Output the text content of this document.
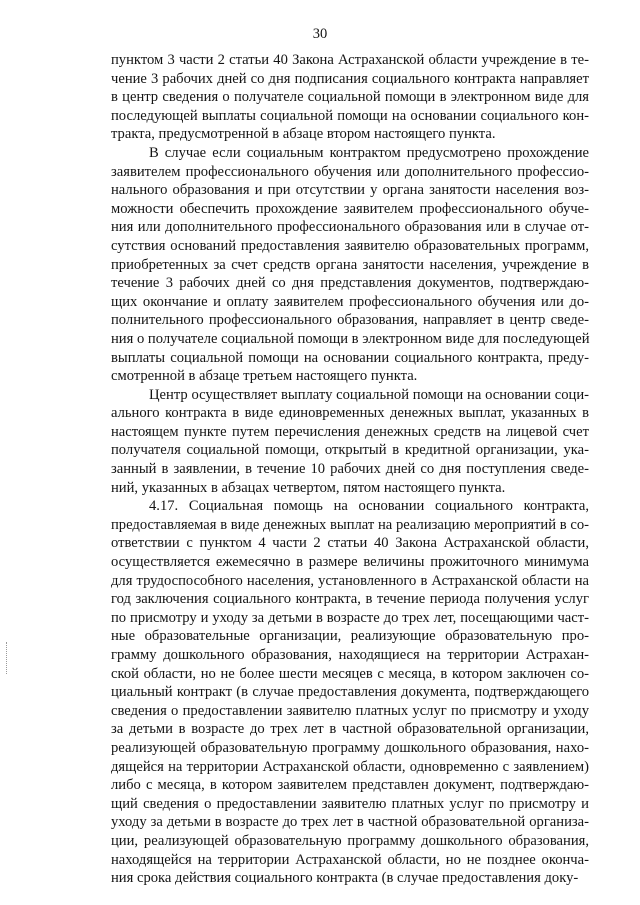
30
пунктом 3 части 2 статьи 40 Закона Астраханской области учреждение в те-
чение 3 рабочих дней со дня подписания социального контракта направляет
в центр сведения о получателе социальной помощи в электронном виде для
последующей выплаты социальной помощи на основании социального кон-
тракта, предусмотренной в абзаце втором настоящего пункта.
В случае если социальным контрактом предусмотрено прохождение
заявителем профессионального обучения или дополнительного профессио-
нального образования и при отсутствии у органа занятости населения воз-
можности обеспечить прохождение заявителем профессионального обуче-
ния или дополнительного профессионального образования или в случае от-
сутствия оснований предоставления заявителю образовательных программ,
приобретенных за счет средств органа занятости населения, учреждение в
течение 3 рабочих дней со дня представления документов, подтверждаю-
щих окончание и оплату заявителем профессионального обучения или до-
полнительного профессионального образования, направляет в центр сведе-
ния о получателе социальной помощи в электронном виде для последующей
выплаты социальной помощи на основании социального контракта, преду-
смотренной в абзаце третьем настоящего пункта.
Центр осуществляет выплату социальной помощи на основании соци-
ального контракта в виде единовременных денежных выплат, указанных в
настоящем пункте путем перечисления денежных средств на лицевой счет
получателя социальной помощи, открытый в кредитной организации, ука-
занный в заявлении, в течение 10 рабочих дней со дня поступления сведе-
ний, указанных в абзацах четвертом, пятом настоящего пункта.
4.17. Социальная помощь на основании социального контракта,
предоставляемая в виде денежных выплат на реализацию мероприятий в со-
ответствии с пунктом 4 части 2 статьи 40 Закона Астраханской области,
осуществляется ежемесячно в размере величины прожиточного минимума
для трудоспособного населения, установленного в Астраханской области на
год заключения социального контракта, в течение периода получения услуг
по присмотру и уходу за детьми в возрасте до трех лет, посещающими част-
ные образовательные организации, реализующие образовательную про-
грамму дошкольного образования, находящиеся на территории Астрахан-
ской области, но не более шести месяцев с месяца, в котором заключен со-
циальный контракт (в случае предоставления документа, подтверждающего
сведения о предоставлении заявителю платных услуг по присмотру и уходу
за детьми в возрасте до трех лет в частной образовательной организации,
реализующей образовательную программу дошкольного образования, нахо-
дящейся на территории Астраханской области, одновременно с заявлением)
либо с месяца, в котором заявителем представлен документ, подтверждаю-
щий сведения о предоставлении заявителю платных услуг по присмотру и
уходу за детьми в возрасте до трех лет в частной образовательной организа-
ции, реализующей образовательную программу дошкольного образования,
находящейся на территории Астраханской области, но не позднее оконча-
ния срока действия социального контракта (в случае предоставления доку-
